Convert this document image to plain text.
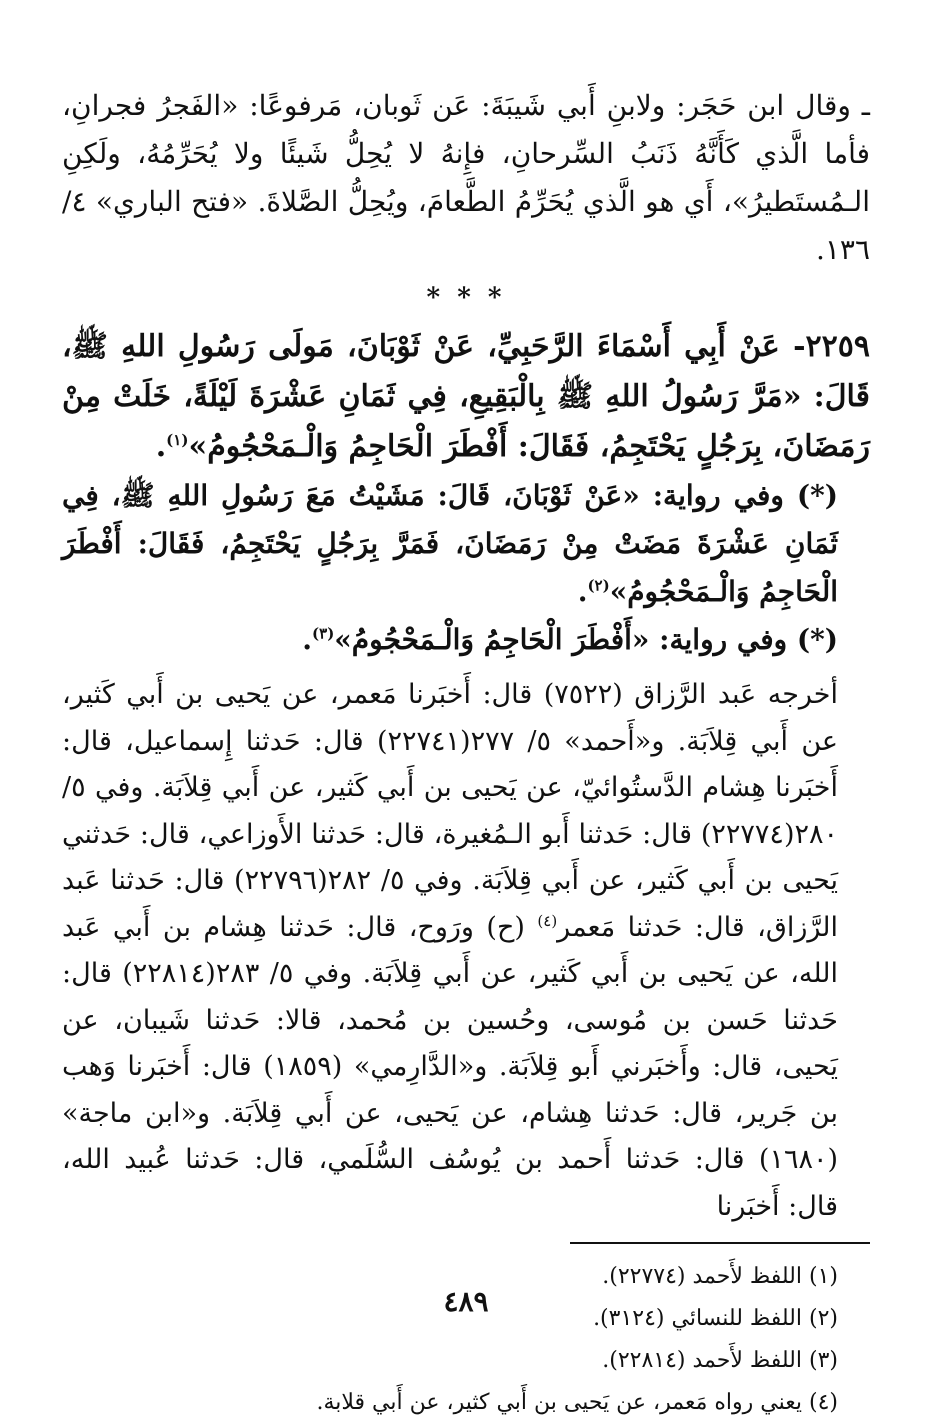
ـ وقال ابن حَجَر: ولابنِ أَبي شَيبَةَ: عَن ثَوبان، مَرفوعًا: «الفَجرُ فجرانِ، فأما الَّذي كَأَنَّهُ ذَنَبُ السِّرحانِ، فإِنهُ لا يُحِلُّ شَيئًا ولا يُحَرِّمُهُ، ولَكِنِ الـمُستَطيرُ»، أَي هو الَّذي يُحَرِّمُ الطَّعامَ، ويُحِلُّ الصَّلاةَ. «فتح الباري» ٤/ ١٣٦.

* * *

٢٢٥٩- عَنْ أَبِي أَسْمَاءَ الرَّحَبِيِّ، عَنْ ثَوْبَانَ، مَولَى رَسُولِ اللهِ ﷺ، قَالَ: «مَرَّ رَسُولُ اللهِ ﷺ بِالْبَقِيعِ، فِي ثَمَانِ عَشْرَةَ لَيْلَةً، خَلَتْ مِنْ رَمَضَانَ، بِرَجُلٍ يَحْتَجِمُ، فَقَالَ: أَفْطَرَ الْحَاجِمُ وَالْـمَحْجُومُ»$^{(١)}$.

(*) وفي رواية: «عَنْ ثَوْبَانَ، قَالَ: مَشَيْتُ مَعَ رَسُولِ اللهِ ﷺ، فِي ثَمَانِ عَشْرَةَ مَضَتْ مِنْ رَمَضَانَ، فَمَرَّ بِرَجُلٍ يَحْتَجِمُ، فَقَالَ: أَفْطَرَ الْحَاجِمُ وَالْـمَحْجُومُ»$^{(٢)}$.

(*) وفي رواية: «أَفْطَرَ الْحَاجِمُ وَالْـمَحْجُومُ»$^{(٣)}$.

أخرجه عَبد الرَّزاق (٧٥٢٢) قال: أَخبَرنا مَعمر، عن يَحيى بن أَبي كَثير، عن أَبي قِلاَبَة. و«أَحمد» ٥/ ٢٧٧(٢٢٧٤١) قال: حَدثنا إِسماعيل، قال: أَخبَرنا هِشام الدَّستُوائيّ، عن يَحيى بن أَبي كَثير، عن أَبي قِلاَبَة. وفي ٥/ ٢٨٠(٢٢٧٧٤) قال: حَدثنا أَبو الـمُغيرة، قال: حَدثنا الأَوزاعي، قال: حَدثني يَحيى بن أَبي كَثير، عن أَبي قِلاَبَة. وفي ٥/ ٢٨٢(٢٢٧٩٦) قال: حَدثنا عَبد الرَّزاق، قال: حَدثنا مَعمر$^{(٤)}$ (ح) ورَوح، قال: حَدثنا هِشام بن أَبي عَبد الله، عن يَحيى بن أَبي كَثير، عن أَبي قِلاَبَة. وفي ٥/ ٢٨٣(٢٢٨١٤) قال: حَدثنا حَسن بن مُوسى، وحُسين بن مُحمد، قالا: حَدثنا شَيبان، عن يَحيى، قال: وأَخبَرني أَبو قِلاَبَة. و«الدَّارِمي» (١٨٥٩) قال: أَخبَرنا وَهب بن جَرير، قال: حَدثنا هِشام، عن يَحيى، عن أَبي قِلاَبَة. و«ابن ماجة» (١٦٨٠) قال: حَدثنا أَحمد بن يُوسُف السُّلَمي، قال: حَدثنا عُبيد الله، قال: أَخبَرنا

(١) اللفظ لأَحمد (٢٢٧٧٤).

(٢) اللفظ للنسائي (٣١٢٤).

(٣) اللفظ لأَحمد (٢٢٨١٤).

(٤) يعني رواه مَعمر، عن يَحيى بن أَبي كثير، عن أَبي قلابة.

٤٨٩
